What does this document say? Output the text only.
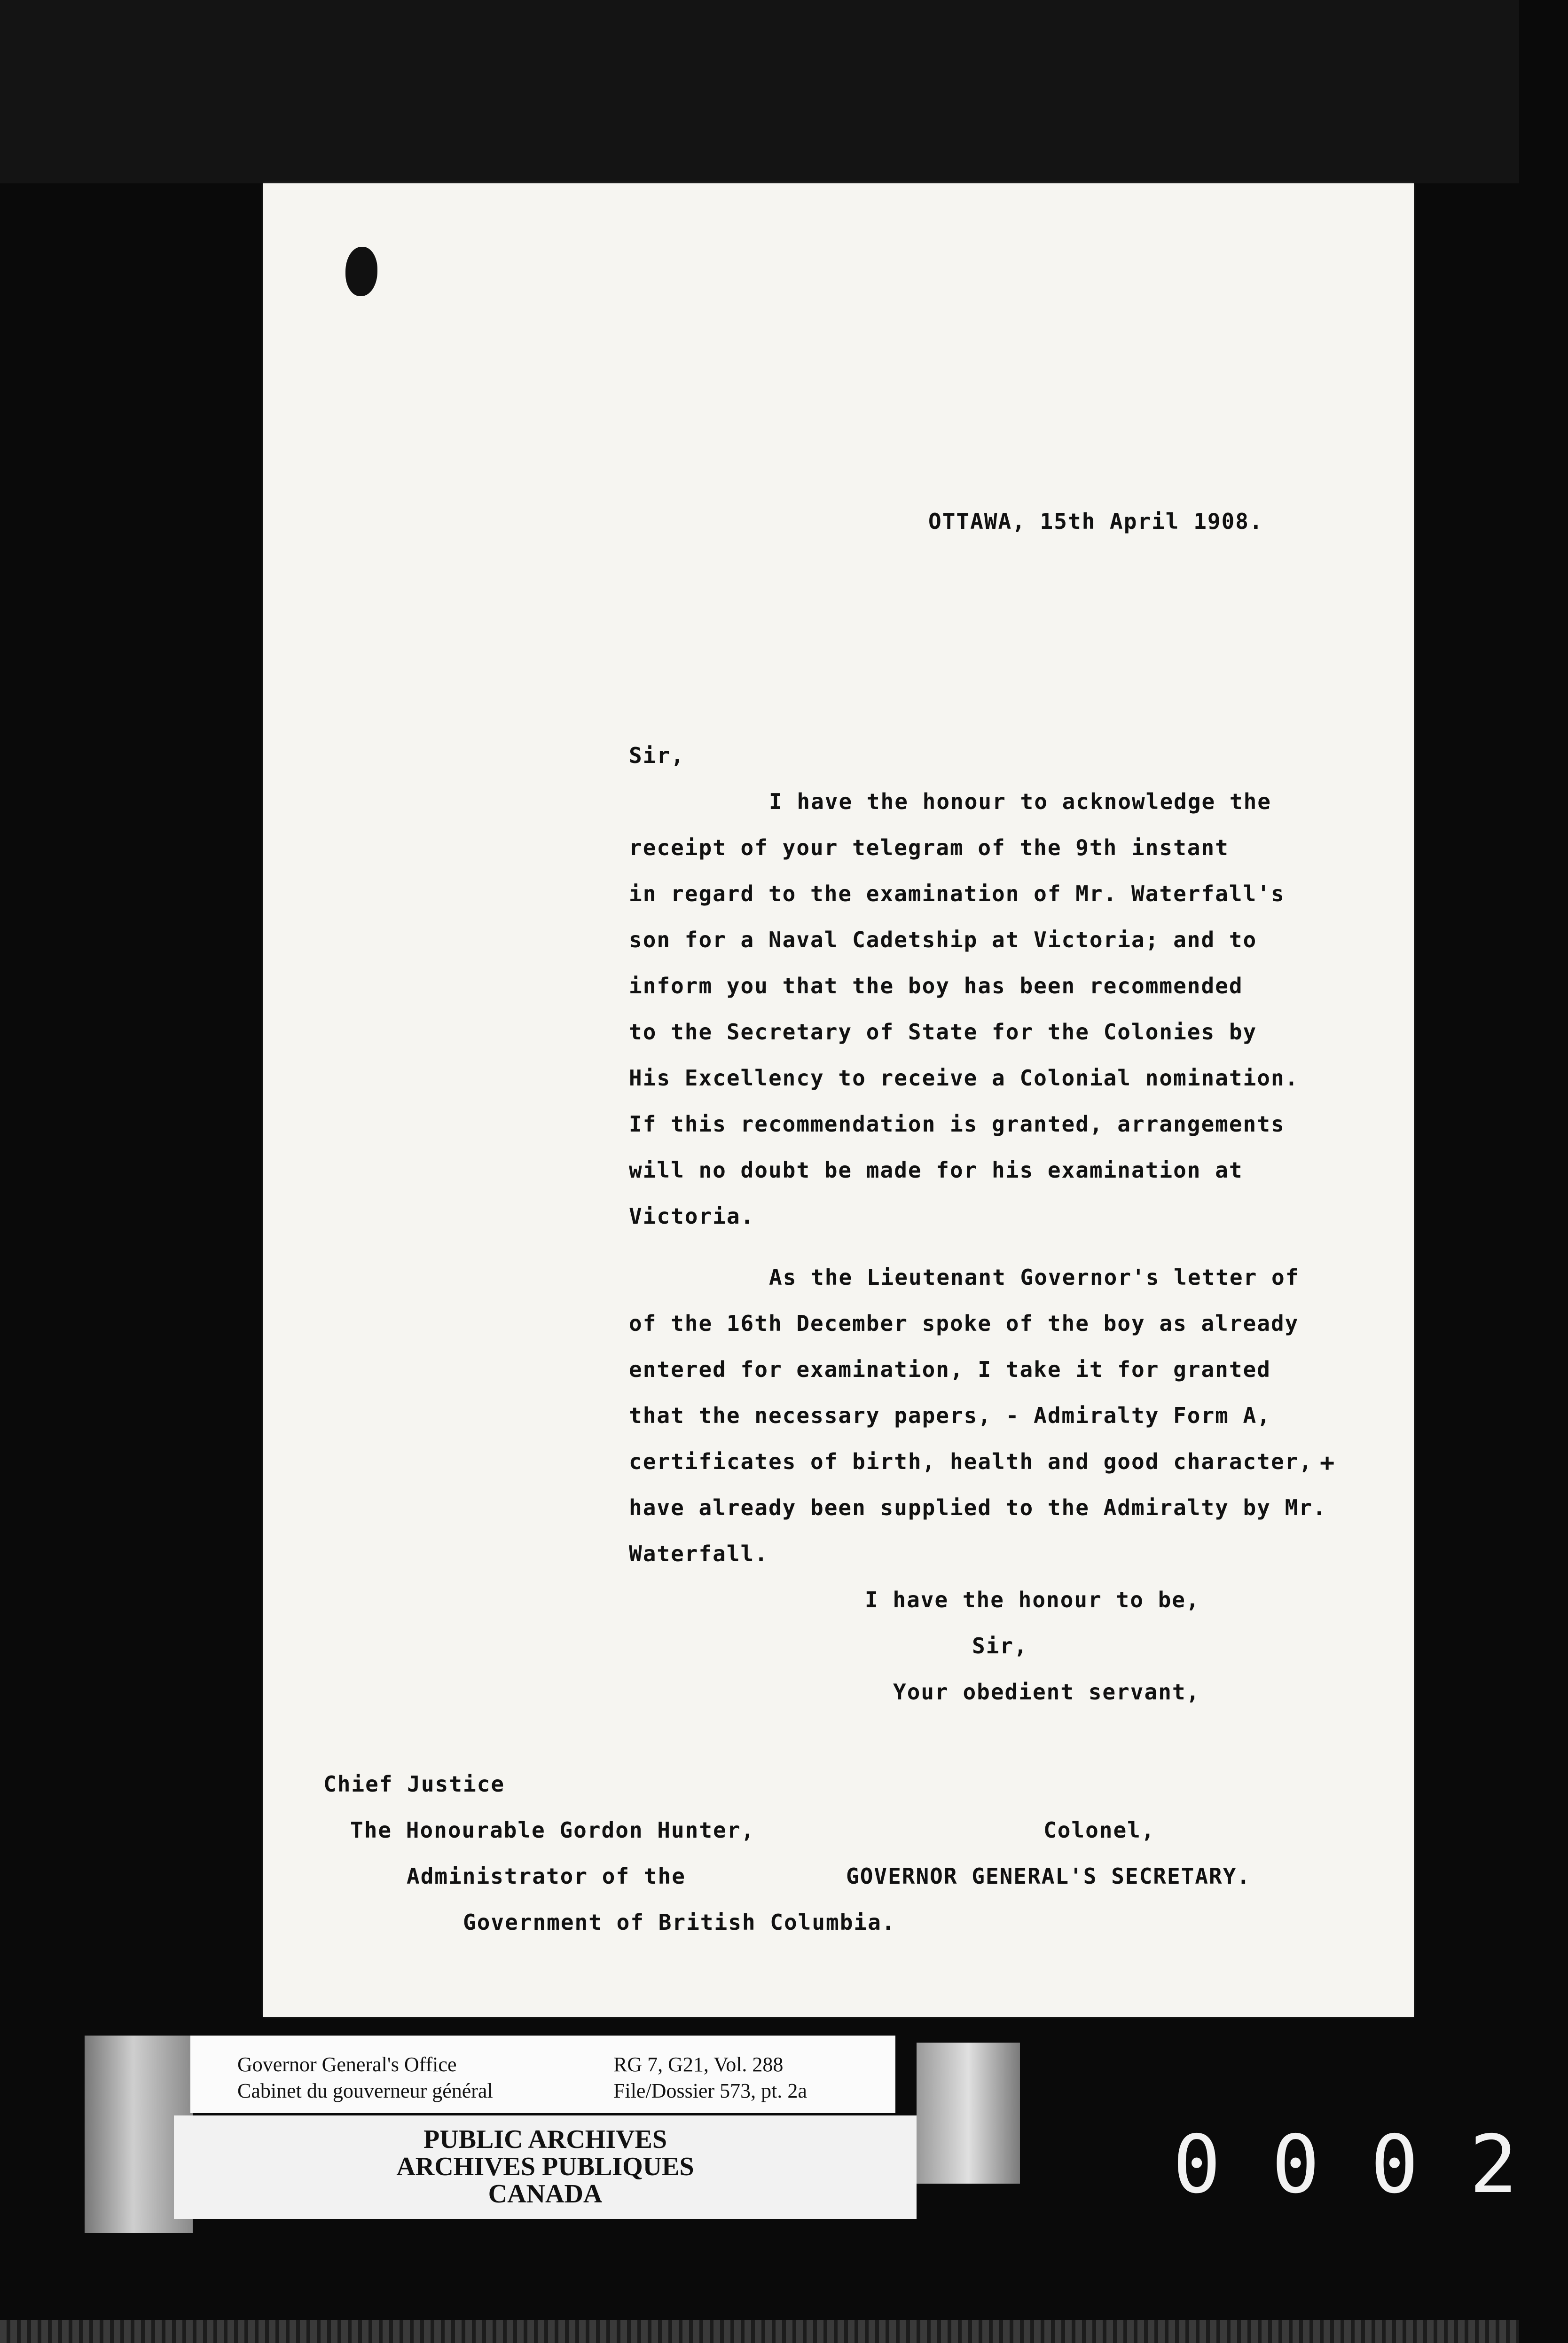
OTTAWA, 15th April 1908.
Sir,
I have the honour to acknowledge the
receipt of your telegram of the 9th instant
in regard to the examination of Mr. Waterfall's
son for a Naval Cadetship at Victoria; and to
inform you that the boy has been recommended
to the Secretary of State for the Colonies by
His Excellency to receive a Colonial nomination.
If this recommendation is granted, arrangements
will no doubt be made for his examination at
Victoria.
As the Lieutenant Governor's letter of
of the 16th December spoke of the boy as already
entered for examination, I take it for granted
that the necessary papers, - Admiralty Form A,
certificates of birth, health and good character,
have already been supplied to the Admiralty by Mr.
Waterfall.
+
I have the honour to be,
Sir,
Your obedient servant,
Chief Justice
The Honourable Gordon Hunter,
Administrator of the
Government of British Columbia.
Colonel,
GOVERNOR GENERAL'S SECRETARY.
Governor General's Office
Cabinet du gouverneur général
RG 7, G21, Vol. 288
File/Dossier 573, pt. 2a
PUBLIC ARCHIVES
ARCHIVES PUBLIQUES
CANADA	0002
